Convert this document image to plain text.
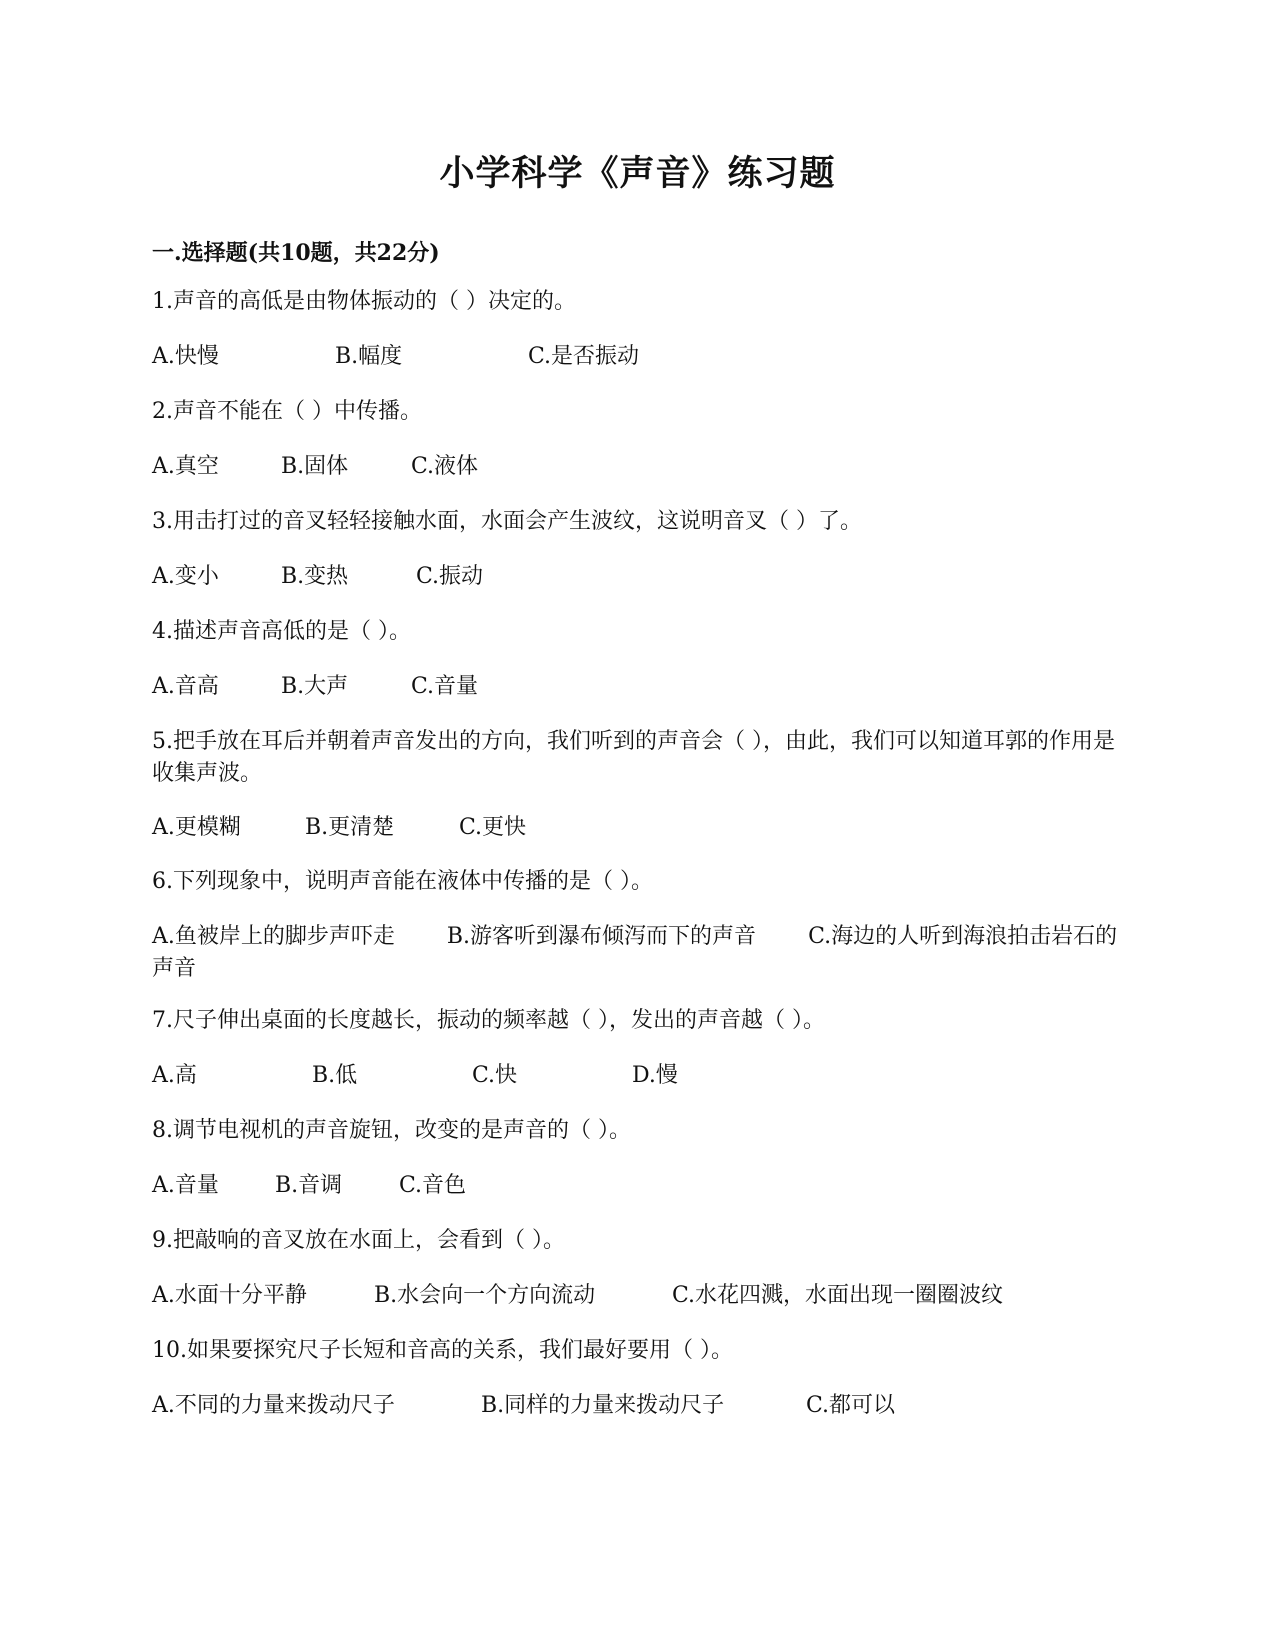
小学科学《声音》练习题
一.选择题(共10题，共22分)
1.声音的高低是由物体振动的（ ）决定的。
A.快慢	B.幅度	C.是否振动
2.声音不能在（ ）中传播。
A.真空	B.固体	C.液体
3.用击打过的音叉轻轻接触水面，水面会产生波纹，这说明音叉（ ）了。
A.变小	B.变热	C.振动
4.描述声音高低的是（ ）。
A.音高	B.大声	C.音量
5.把手放在耳后并朝着声音发出的方向，我们听到的声音会（ ），由此，我们可以知道耳郭的作用是收集声波。
A.更模糊	B.更清楚	C.更快
6.下列现象中，说明声音能在液体中传播的是（ ）。
A.鱼被岸上的脚步声吓走 B.游客听到瀑布倾泻而下的声音 C.海边的人听到海浪拍击岩石的声音
7.尺子伸出桌面的长度越长，振动的频率越（ ），发出的声音越（ ）。
A.高	B.低	C.快	D.慢
8.调节电视机的声音旋钮，改变的是声音的（ ）。
A.音量	B.音调	C.音色
9.把敲响的音叉放在水面上，会看到（ ）。
A.水面十分平静	B.水会向一个方向流动	C.水花四溅，水面出现一圈圈波纹
10.如果要探究尺子长短和音高的关系，我们最好要用（ ）。
A.不同的力量来拨动尺子	B.同样的力量来拨动尺子	C.都可以
